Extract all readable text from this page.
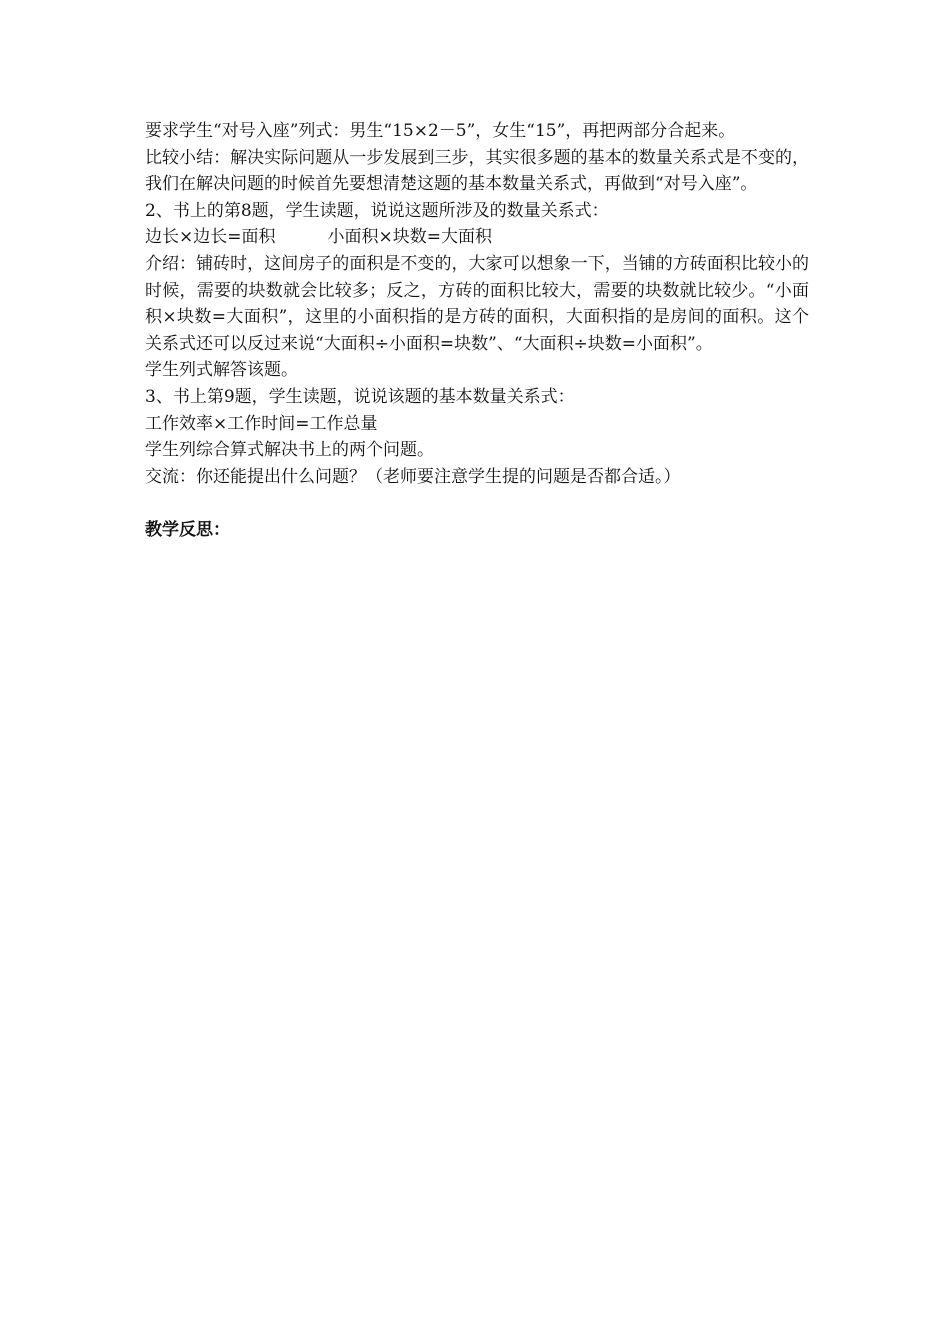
要求学生“对号入座”列式：男生“15×2－5”，女生“15”，再把两部分合起来。

比较小结：解决实际问题从一步发展到三步，其实很多题的基本的数量关系式是不变的，我们在解决问题的时候首先要想清楚这题的基本数量关系式，再做到“对号入座”。

2、书上的第8题，学生读题，说说这题所涉及的数量关系式：

边长×边长=面积	小面积×块数=大面积

介绍：铺砖时，这间房子的面积是不变的，大家可以想象一下，当铺的方砖面积比较小的时候，需要的块数就会比较多；反之，方砖的面积比较大，需要的块数就比较少。“小面积×块数=大面积”，这里的小面积指的是方砖的面积，大面积指的是房间的面积。这个关系式还可以反过来说“大面积÷小面积=块数”、“大面积÷块数=小面积”。

学生列式解答该题。

3、书上第9题，学生读题，说说该题的基本数量关系式：

工作效率×工作时间=工作总量

学生列综合算式解决书上的两个问题。

交流：你还能提出什么问题？（老师要注意学生提的问题是否都合适。）

教学反思：
